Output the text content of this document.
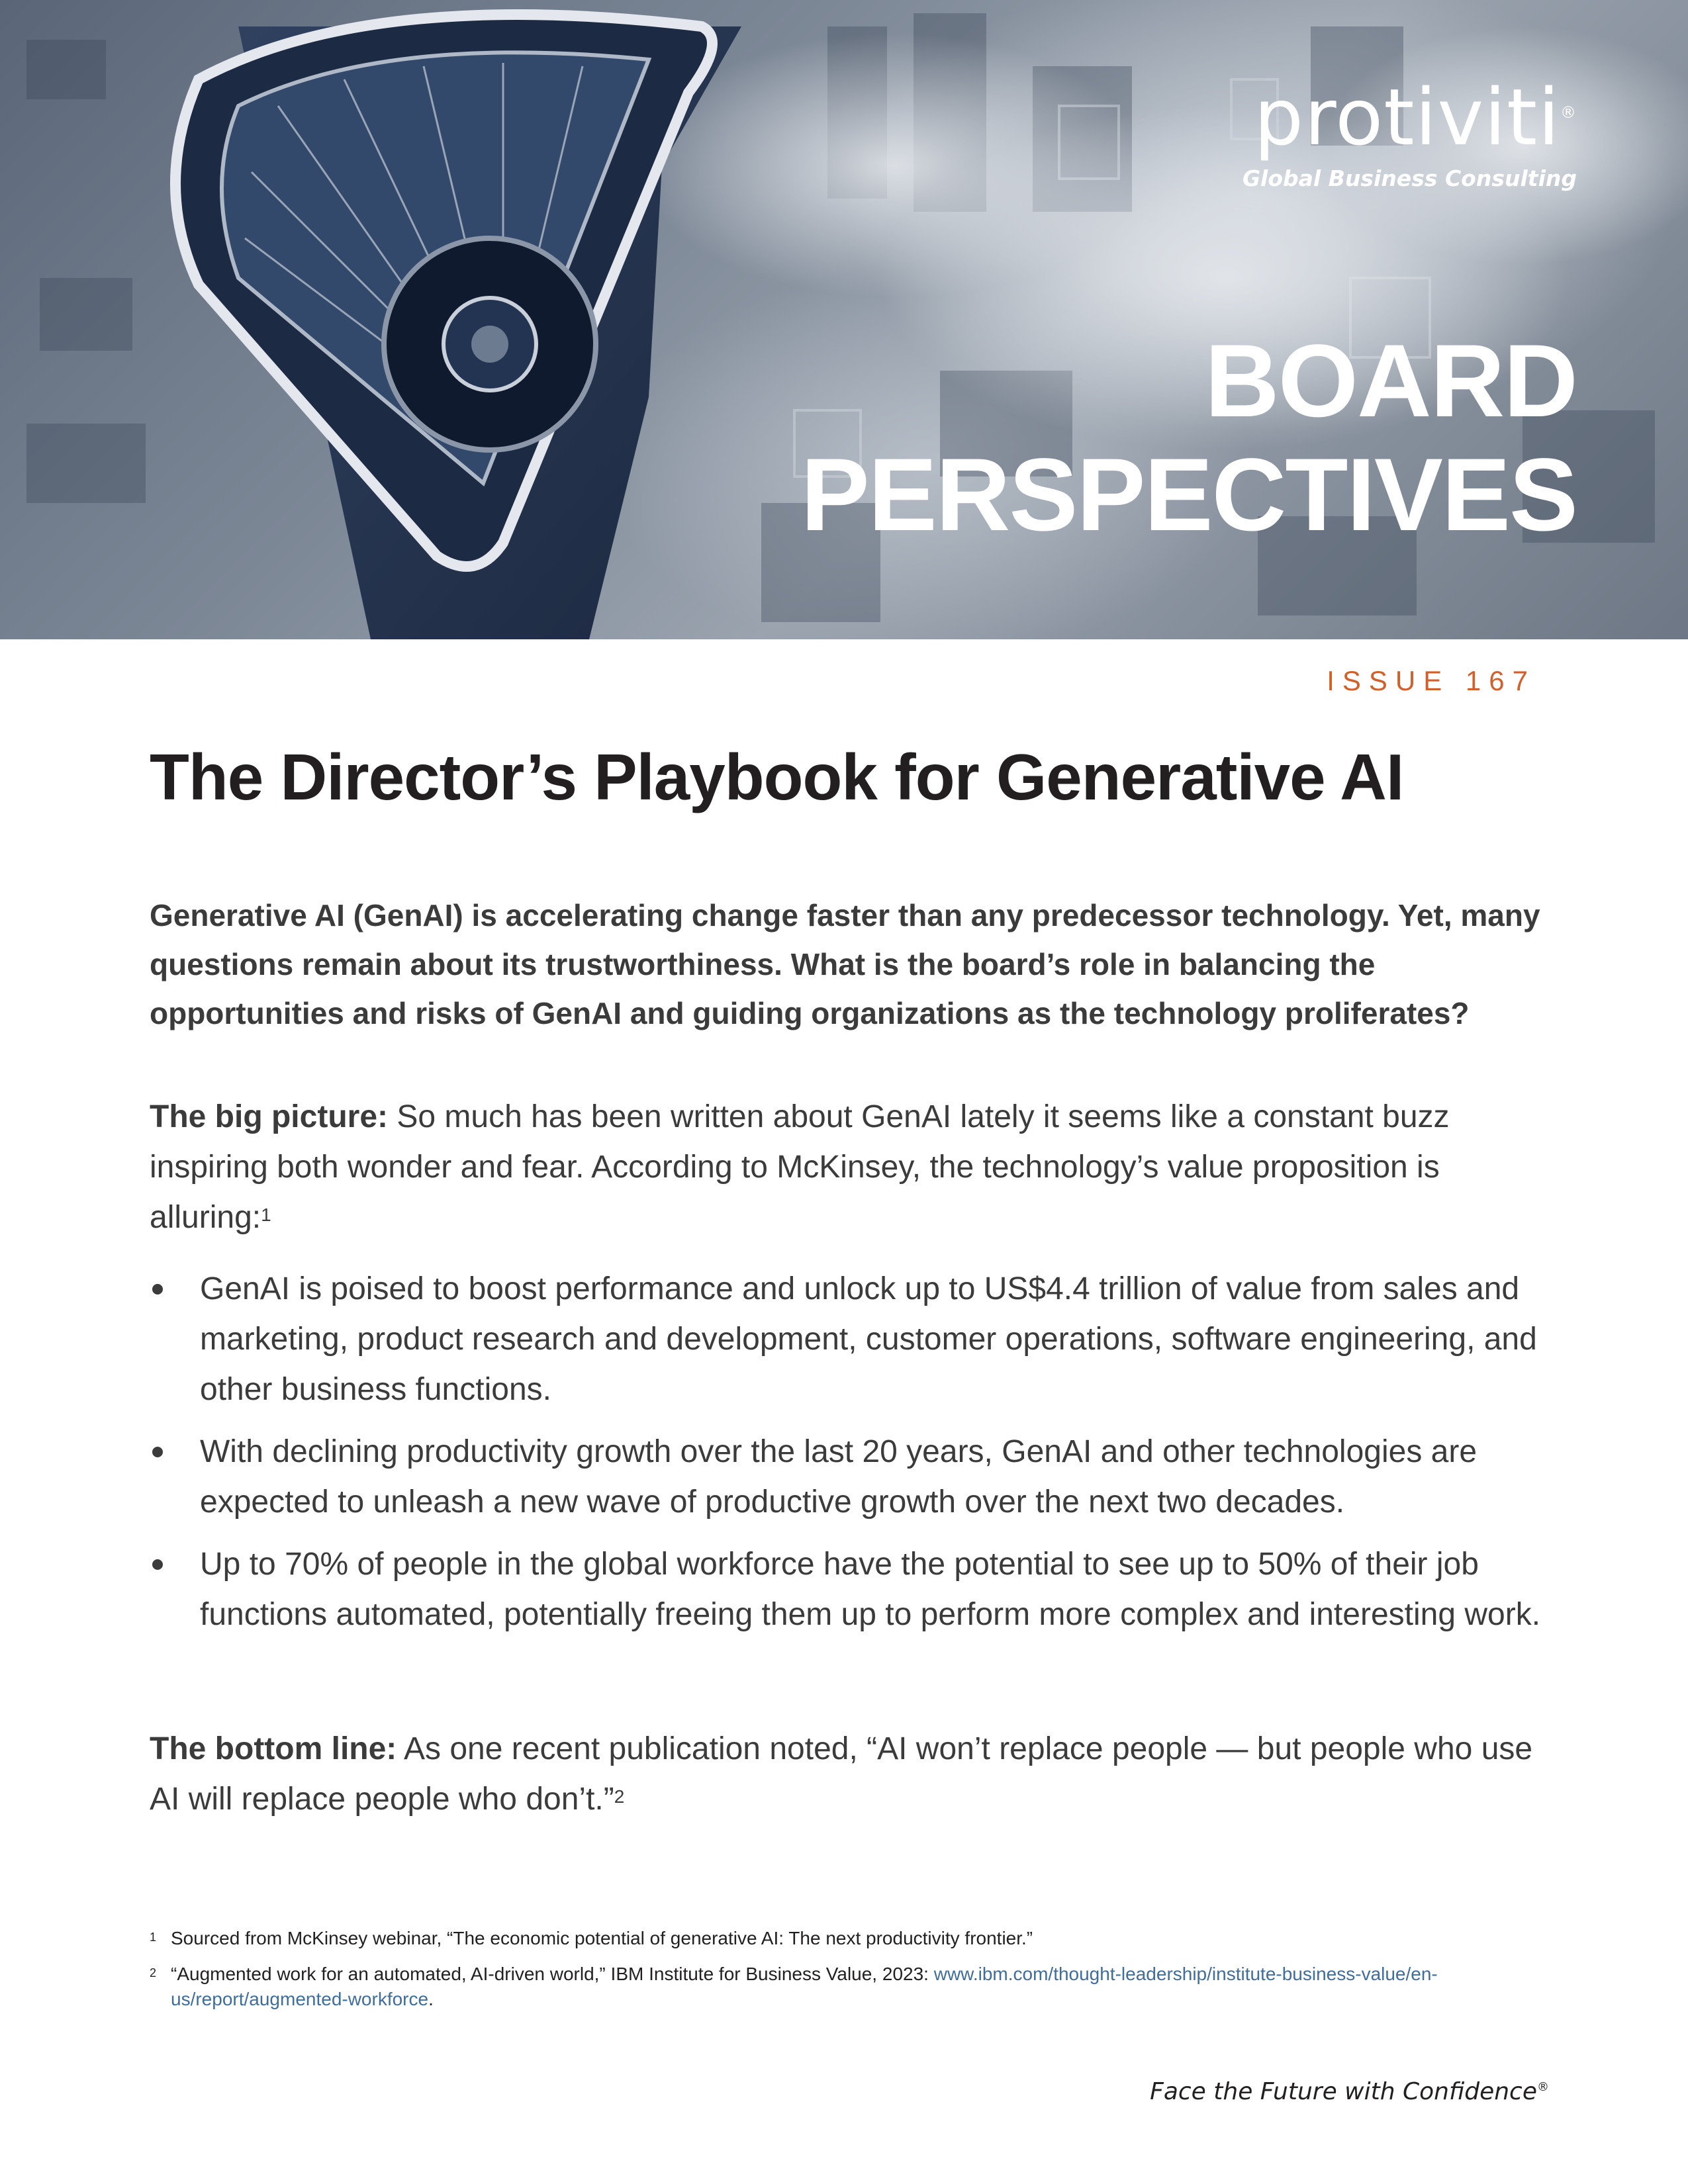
protiviti®
Global Business Consulting
BOARD
PERSPECTIVES
ISSUE 167
The Director’s Playbook for Generative AI

Generative AI (GenAI) is accelerating change faster than any predecessor technology. Yet, many questions remain about its trustworthiness. What is the board’s role in balancing the opportunities and risks of GenAI and guiding organizations as the technology proliferates?

The big picture: So much has been written about GenAI lately it seems like a constant buzz inspiring both wonder and fear. According to McKinsey, the technology’s value proposition is alluring:$^1$

GenAI is poised to boost performance and unlock up to US$4.4 trillion of value from sales and marketing, product research and development, customer operations, software engineering, and other business functions.
With declining productivity growth over the last 20 years, GenAI and other technologies are expected to unleash a new wave of productive growth over the next two decades.
Up to 70% of people in the global workforce have the potential to see up to 50% of their job functions automated, potentially freeing them up to perform more complex and interesting work.

The bottom line: As one recent publication noted, “AI won’t replace people — but people who use AI will replace people who don’t.”$^2$

1 Sourced from McKinsey webinar, “The economic potential of generative AI: The next productivity frontier.”
2 “Augmented work for an automated, AI-driven world,” IBM Institute for Business Value, 2023: www.ibm.com/thought-leadership/institute-business-value/en-us/report/augmented-workforce.
Face the Future with Confidence®
